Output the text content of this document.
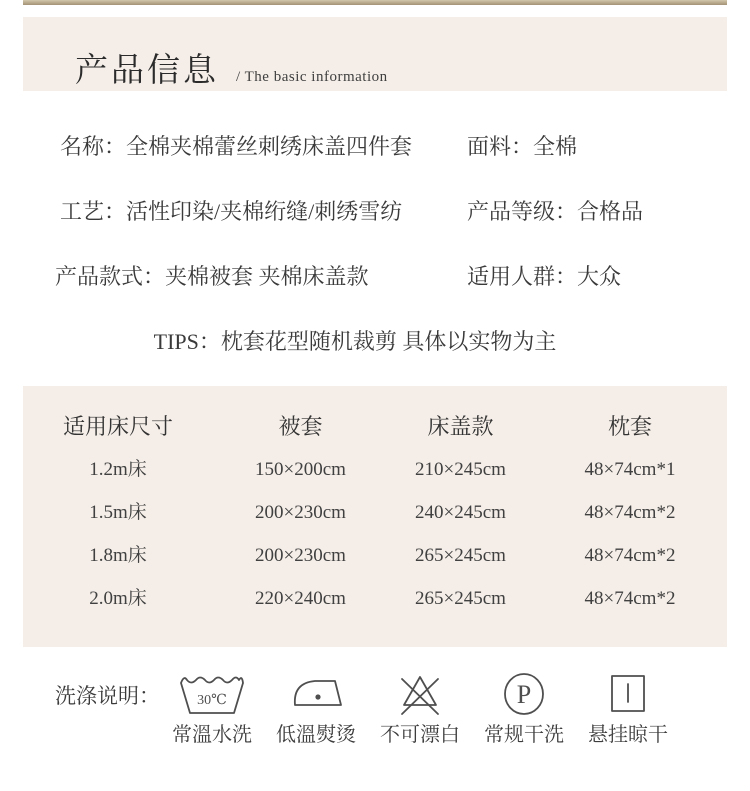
产品信息 / The basic information
名称：全棉夹棉蕾丝刺绣床盖四件套 面料：全棉
工艺：活性印染/夹棉绗缝/刺绣雪纺	产品等级：合格品
产品款式：夹棉被套 夹棉床盖款	适用人群：大众
TIPS：枕套花型随机裁剪 具体以实物为主
适用床尺寸	被套	床盖款	枕套
1.2m床	150×200cm	210×245cm	48×74cm*1
1.5m床	200×230cm	240×245cm	48×74cm*2
1.8m床	200×230cm	265×245cm	48×74cm*2
2.0m床	220×240cm	265×245cm	48×74cm*2
洗涤说明：	30℃
常溫水洗 低溫熨烫 不可漂白
P
常规干洗 悬挂晾干
